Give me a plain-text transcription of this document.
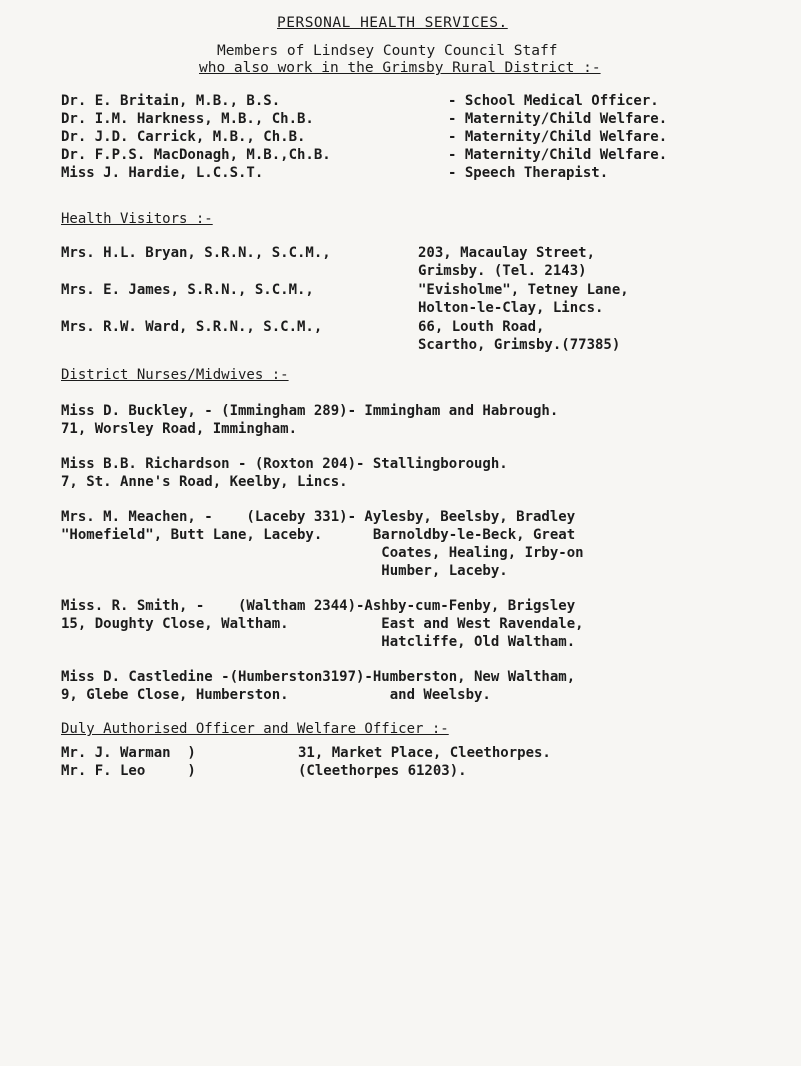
PERSONAL HEALTH SERVICES.
Members of Lindsey County Council Staff
who also work in the Grimsby Rural District :-
Dr. E. Britain, M.B., B.S.	- School Medical Officer.
Dr. I.M. Harkness, M.B., Ch.B.	- Maternity/Child Welfare.
Dr. J.D. Carrick, M.B., Ch.B.	- Maternity/Child Welfare.
Dr. F.P.S. MacDonagh, M.B.,Ch.B.	- Maternity/Child Welfare.
Miss J. Hardie, L.C.S.T.	- Speech Therapist.
Health Visitors :-
Mrs. H.L. Bryan, S.R.N., S.C.M.,	203, Macaulay Street,
Grimsby. (Tel. 2143)
Mrs. E. James, S.R.N., S.C.M.,	"Evisholme", Tetney Lane,
Holton-le-Clay, Lincs.
Mrs. R.W. Ward, S.R.N., S.C.M.,	66, Louth Road,
Scartho, Grimsby.(77385)
District Nurses/Midwives :-
Miss D. Buckley, - (Immingham 289)- Immingham and Habrough.
71, Worsley Road, Immingham.
Miss B.B. Richardson - (Roxton 204)- Stallingborough.
7, St. Anne's Road, Keelby, Lincs.
Mrs. M. Meachen, -    (Laceby 331)- Aylesby, Beelsby, Bradley
"Homefield", Butt Lane, Laceby.      Barnoldby-le-Beck, Great
Coates, Healing, Irby-on
Humber, Laceby.
Miss. R. Smith, -    (Waltham 2344)-Ashby-cum-Fenby, Brigsley
15, Doughty Close, Waltham.           East and West Ravendale,
Hatcliffe, Old Waltham.
Miss D. Castledine -(Humberston3197)-Humberston, New Waltham,
9, Glebe Close, Humberston.            and Weelsby.
Duly Authorised Officer and Welfare Officer :-
Mr. J. Warman  )	31, Market Place, Cleethorpes.
Mr. F. Leo     )	(Cleethorpes 61203).
